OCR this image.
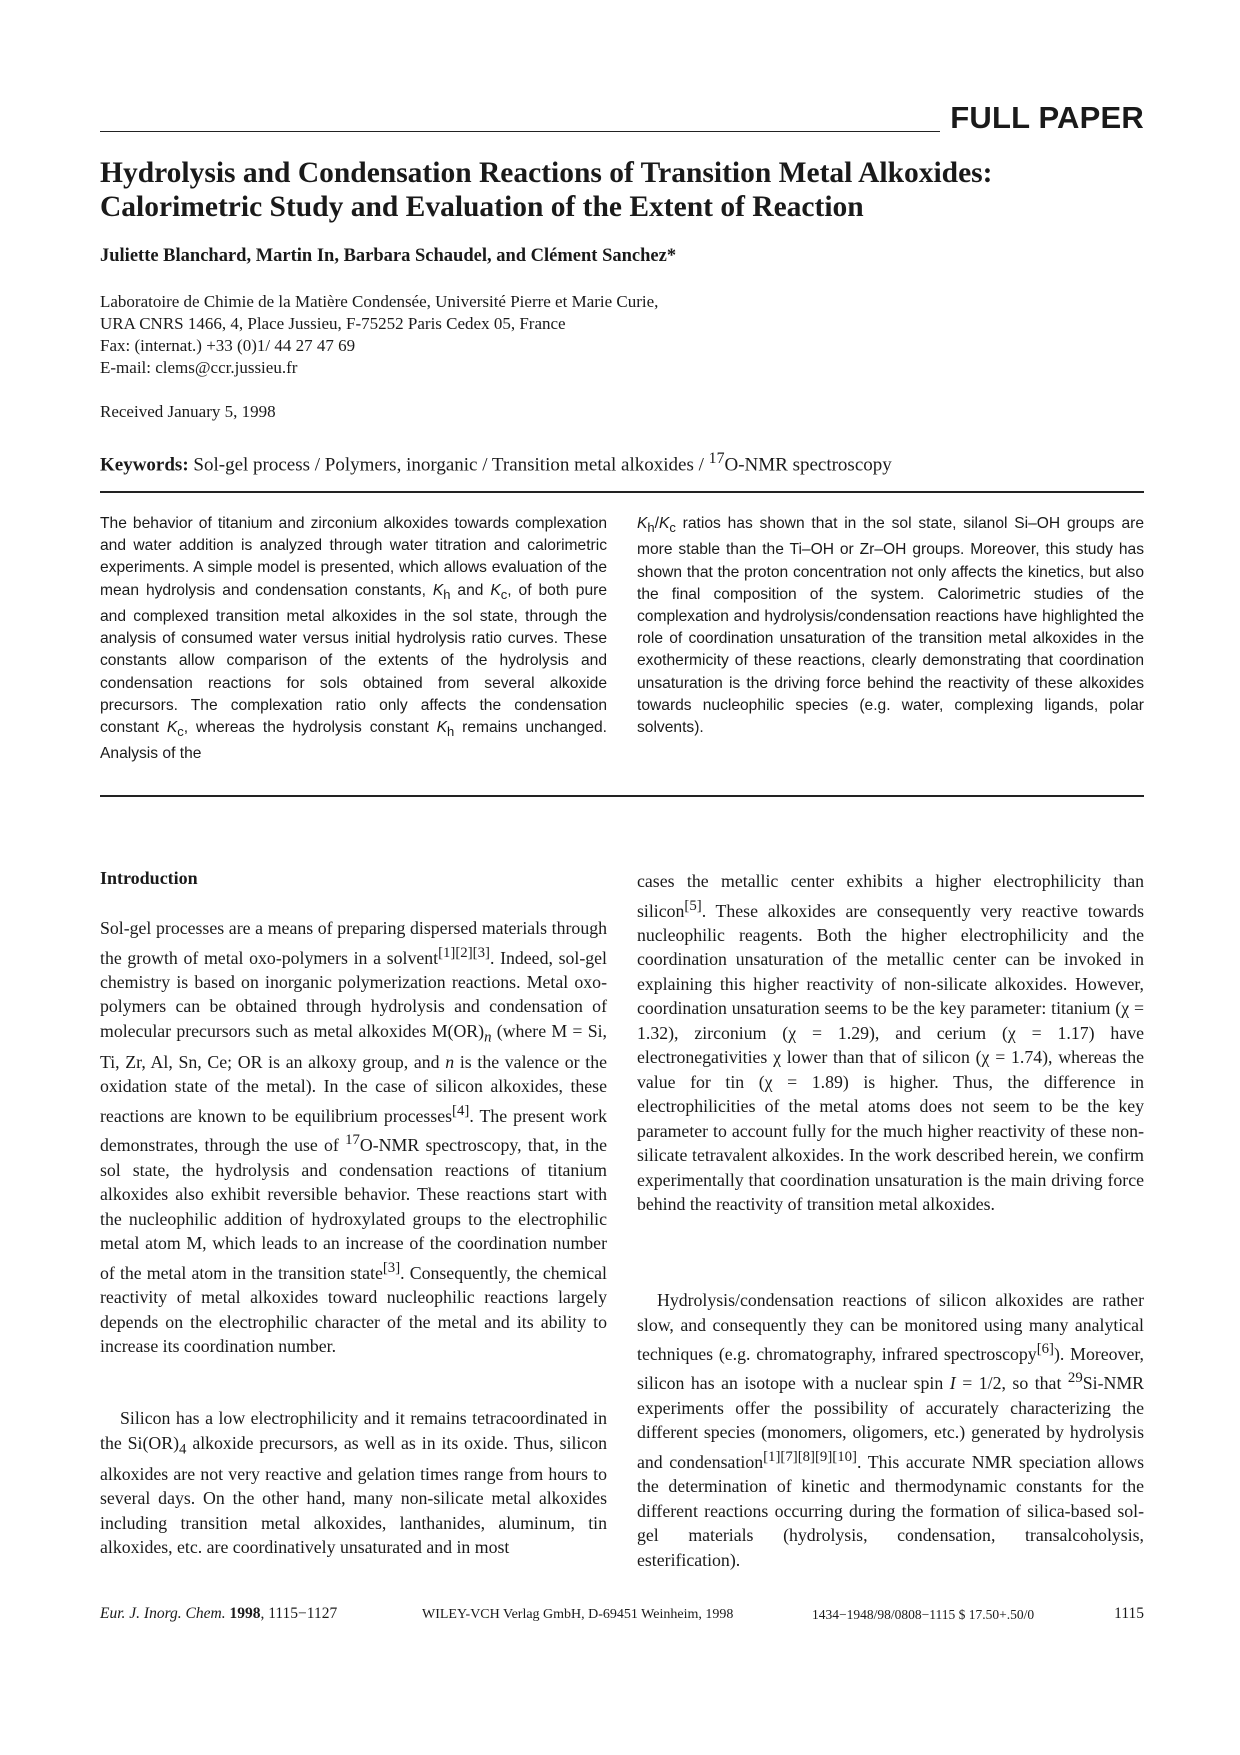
FULL PAPER
Hydrolysis and Condensation Reactions of Transition Metal Alkoxides: Calorimetric Study and Evaluation of the Extent of Reaction
Juliette Blanchard, Martin In, Barbara Schaudel, and Clément Sanchez*
Laboratoire de Chimie de la Matière Condensée, Université Pierre et Marie Curie,
URA CNRS 1466, 4, Place Jussieu, F-75252 Paris Cedex 05, France
Fax: (internat.) +33 (0)1/ 44 27 47 69
E-mail: clems@ccr.jussieu.fr
Received January 5, 1998
Keywords: Sol-gel process / Polymers, inorganic / Transition metal alkoxides / $^{17}$O-NMR spectroscopy
The behavior of titanium and zirconium alkoxides towards complexation and water addition is analyzed through water titration and calorimetric experiments. A simple model is presented, which allows evaluation of the mean hydrolysis and condensation constants, $K_h$ and $K_c$, of both pure and complexed transition metal alkoxides in the sol state, through the analysis of consumed water versus initial hydrolysis ratio curves. These constants allow comparison of the extents of the hydrolysis and condensation reactions for sols obtained from several alkoxide precursors. The complexation ratio only affects the condensation constant $K_c$, whereas the hydrolysis constant $K_h$ remains unchanged. Analysis of the
$K_h/K_c$ ratios has shown that in the sol state, silanol Si–OH groups are more stable than the Ti–OH or Zr–OH groups. Moreover, this study has shown that the proton concentration not only affects the kinetics, but also the final composition of the system. Calorimetric studies of the complexation and hydrolysis/condensation reactions have highlighted the role of coordination unsaturation of the transition metal alkoxides in the exothermicity of these reactions, clearly demonstrating that coordination unsaturation is the driving force behind the reactivity of these alkoxides towards nucleophilic species (e.g. water, complexing ligands, polar solvents).
Introduction

Sol-gel processes are a means of preparing dispersed materials through the growth of metal oxo-polymers in a solvent[1][2][3]. Indeed, sol-gel chemistry is based on inorganic polymerization reactions. Metal oxo-polymers can be obtained through hydrolysis and condensation of molecular precursors such as metal alkoxides $M(OR)_n$ (where M = Si, Ti, Zr, Al, Sn, Ce; OR is an alkoxy group, and n is the valence or the oxidation state of the metal). In the case of silicon alkoxides, these reactions are known to be equilibrium processes[4]. The present work demonstrates, through the use of $^{17}$O-NMR spectroscopy, that, in the sol state, the hydrolysis and condensation reactions of titanium alkoxides also exhibit reversible behavior. These reactions start with the nucleophilic addition of hydroxylated groups to the electrophilic metal atom M, which leads to an increase of the coordination number of the metal atom in the transition state[3]. Consequently, the chemical reactivity of metal alkoxides toward nucleophilic reactions largely depends on the electrophilic character of the metal and its ability to increase its coordination number.

Silicon has a low electrophilicity and it remains tetracoordinated in the $Si(OR)_4$ alkoxide precursors, as well as in its oxide. Thus, silicon alkoxides are not very reactive and gelation times range from hours to several days. On the other hand, many non-silicate metal alkoxides including transition metal alkoxides, lanthanides, aluminum, tin alkoxides, etc. are coordinatively unsaturated and in most

cases the metallic center exhibits a higher electrophilicity than silicon[5]. These alkoxides are consequently very reactive towards nucleophilic reagents. Both the higher electrophilicity and the coordination unsaturation of the metallic center can be invoked in explaining this higher reactivity of non-silicate alkoxides. However, coordination unsaturation seems to be the key parameter: titanium (χ = 1.32), zirconium (χ = 1.29), and cerium (χ = 1.17) have electronegativities χ lower than that of silicon (χ = 1.74), whereas the value for tin (χ = 1.89) is higher. Thus, the difference in electrophilicities of the metal atoms does not seem to be the key parameter to account fully for the much higher reactivity of these non-silicate tetravalent alkoxides. In the work described herein, we confirm experimentally that coordination unsaturation is the main driving force behind the reactivity of transition metal alkoxides.

Hydrolysis/condensation reactions of silicon alkoxides are rather slow, and consequently they can be monitored using many analytical techniques (e.g. chromatography, infrared spectroscopy[6]). Moreover, silicon has an isotope with a nuclear spin I = 1/2, so that $^{29}$Si-NMR experiments offer the possibility of accurately characterizing the different species (monomers, oligomers, etc.) generated by hydrolysis and condensation[1][7][8][9][10]. This accurate NMR speciation allows the determination of kinetic and thermodynamic constants for the different reactions occurring during the formation of silica-based sol-gel materials (hydrolysis, condensation, transalcoholysis, esterification).

Eur. J. Inorg. Chem. 1998, 1115−1127	WILEY-VCH Verlag GmbH, D-69451 Weinheim, 1998	1434−1948/98/0808−1115 $ 17.50+.50/0	1115
